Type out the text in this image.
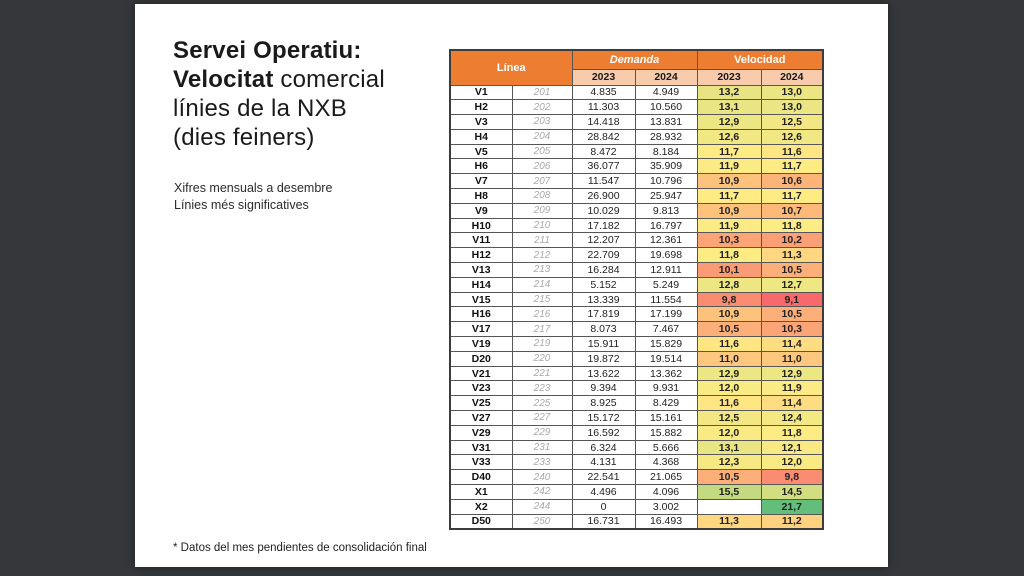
Servei Operatiu:
Velocitat comercial
línies de la NXB
(dies feiners)
Xifres mensuals a desembre
Línies més significatives
* Datos del mes pendientes de consolidación final
Línea		Demanda		Velocidad	
		2023	2024	2023	2024
V1	201	4.835	4.949	13,2	13,0
H2	202	11.303	10.560	13,1	13,0
V3	203	14.418	13.831	12,9	12,5
H4	204	28.842	28.932	12,6	12,6
V5	205	8.472	8.184	11,7	11,6
H6	206	36.077	35.909	11,9	11,7
V7	207	11.547	10.796	10,9	10,6
H8	208	26.900	25.947	11,7	11,7
V9	209	10.029	9.813	10,9	10,7
H10	210	17.182	16.797	11,9	11,8
V11	211	12.207	12.361	10,3	10,2
H12	212	22.709	19.698	11,8	11,3
V13	213	16.284	12.911	10,1	10,5
H14	214	5.152	5.249	12,8	12,7
V15	215	13.339	11.554	9,8	9,1
H16	216	17.819	17.199	10,9	10,5
V17	217	8.073	7.467	10,5	10,3
V19	219	15.911	15.829	11,6	11,4
D20	220	19.872	19.514	11,0	11,0
V21	221	13.622	13.362	12,9	12,9
V23	223	9.394	9.931	12,0	11,9
V25	225	8.925	8.429	11,6	11,4
V27	227	15.172	15.161	12,5	12,4
V29	229	16.592	15.882	12,0	11,8
V31	231	6.324	5.666	13,1	12,1
V33	233	4.131	4.368	12,3	12,0
D40	240	22.541	21.065	10,5	9,8
X1	242	4.496	4.096	15,5	14,5
X2	244	0	3.002		21,7
D50	250	16.731	16.493	11,3	11,2
